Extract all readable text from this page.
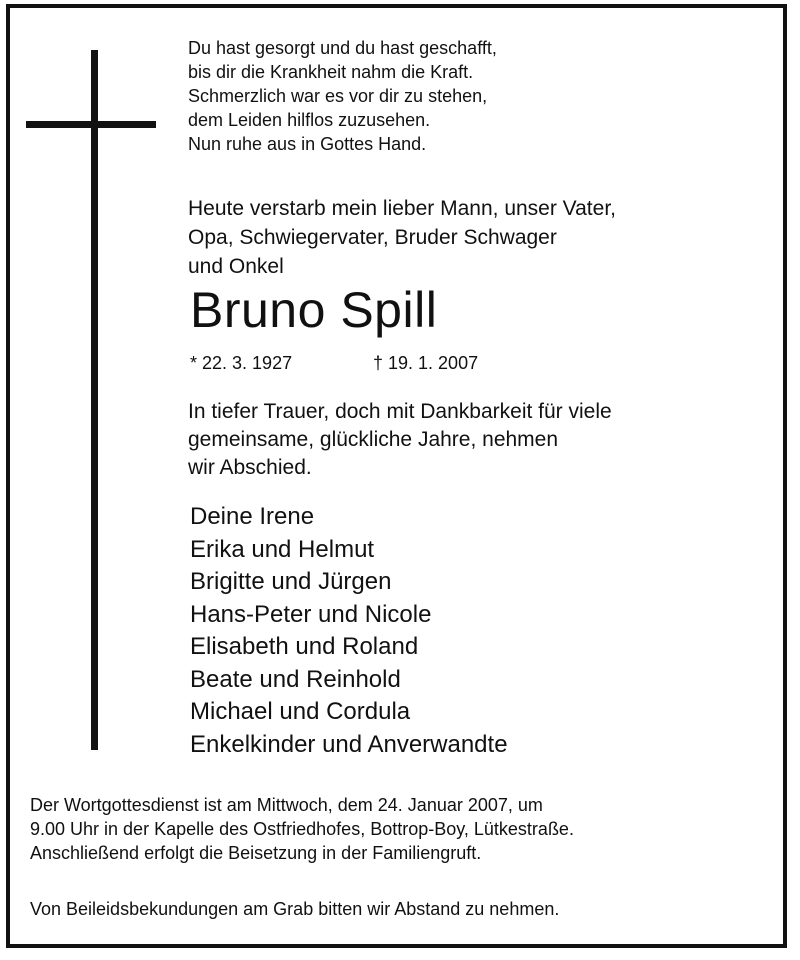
Du hast gesorgt und du hast geschafft,
bis dir die Krankheit nahm die Kraft.
Schmerzlich war es vor dir zu stehen,
dem Leiden hilflos zuzusehen.
Nun ruhe aus in Gottes Hand.
Heute verstarb mein lieber Mann, unser Vater,
Opa, Schwiegervater, Bruder Schwager
und Onkel
Bruno Spill
* 22. 3. 1927	† 19. 1. 2007
In tiefer Trauer, doch mit Dankbarkeit für viele
gemeinsame, glückliche Jahre, nehmen
wir Abschied.
Deine Irene
Erika und Helmut
Brigitte und Jürgen
Hans-Peter und Nicole
Elisabeth und Roland
Beate und Reinhold
Michael und Cordula
Enkelkinder und Anverwandte
Der Wortgottesdienst ist am Mittwoch, dem 24. Januar 2007, um
9.00 Uhr in der Kapelle des Ostfriedhofes, Bottrop-Boy, Lütkestraße.
Anschließend erfolgt die Beisetzung in der Familiengruft.
Von Beileidsbekundungen am Grab bitten wir Abstand zu nehmen.
